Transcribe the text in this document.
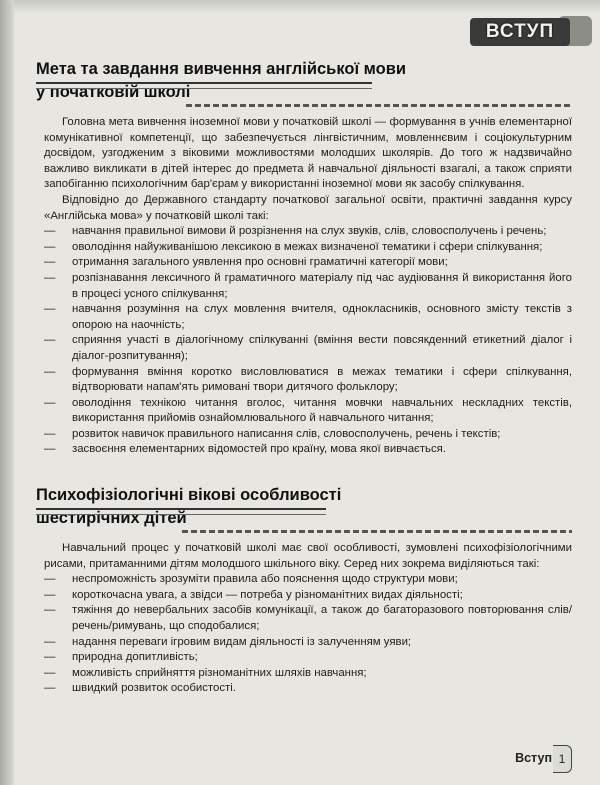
ВСТУП
Мета та завдання вивчення англійської мови
у початковій школі

Головна мета вивчення іноземної мови у початковій школі — формування в учнів елементарної комунікативної компетенції, що забезпечується лінгвістичним, мовленнєвим і соціокультурним досвідом, узгодженим з віковими можливостями молодших школярів. До того ж надзвичайно важливо викликати в дітей інтерес до предмета й навчальної діяльності взагалі, а також сприяти запобіганню психологічним бар'єрам у використанні іноземної мови як засобу спілкування.

Відповідно до Державного стандарту початкової загальної освіти, практичні завдання курсу «Англійська мова» у початковій школі такі:

— навчання правильної вимови й розрізнення на слух звуків, слів, словосполучень і речень;
— оволодіння найуживанішою лексикою в межах визначеної тематики і сфери спілкування;
— отримання загального уявлення про основні граматичні категорії мови;
— розпізнавання лексичного й граматичного матеріалу під час аудіювання й використання його в процесі усного спілкування;
— навчання розуміння на слух мовлення вчителя, однокласників, основного змісту текстів з опорою на наочність;
— сприяння участі в діалогічному спілкуванні (вміння вести повсякденний етикетний діалог і діалог-розпитування);
— формування вміння коротко висловлюватися в межах тематики і сфери спілкування, відтворювати напам'ять римовані твори дитячого фольклору;
— оволодіння технікою читання вголос, читання мовчки навчальних нескладних текстів, використання прийомів ознайомлювального й навчального читання;
— розвиток навичок правильного написання слів, словосполучень, речень і текстів;
— засвоєння елементарних відомостей про країну, мова якої вивчається.
Психофізіологічні вікові особливості
шестирічних дітей

Навчальний процес у початковій школі має свої особливості, зумовлені психофізіологічними рисами, притаманними дітям молодшого шкільного віку. Серед них зокрема виділяються такі:

— неспроможність зрозуміти правила або пояснення щодо структури мови;
— короткочасна увага, а звідси — потреба у різноманітних видах діяльності;
— тяжіння до невербальних засобів комунікації, а також до багаторазового повторювання слів/речень/римувань, що сподобалися;
— надання переваги ігровим видам діяльності із залученням уяви;
— природна допитливість;
— можливість сприйняття різноманітних шляхів навчання;
— швидкий розвиток особистості.
Вступ 1
